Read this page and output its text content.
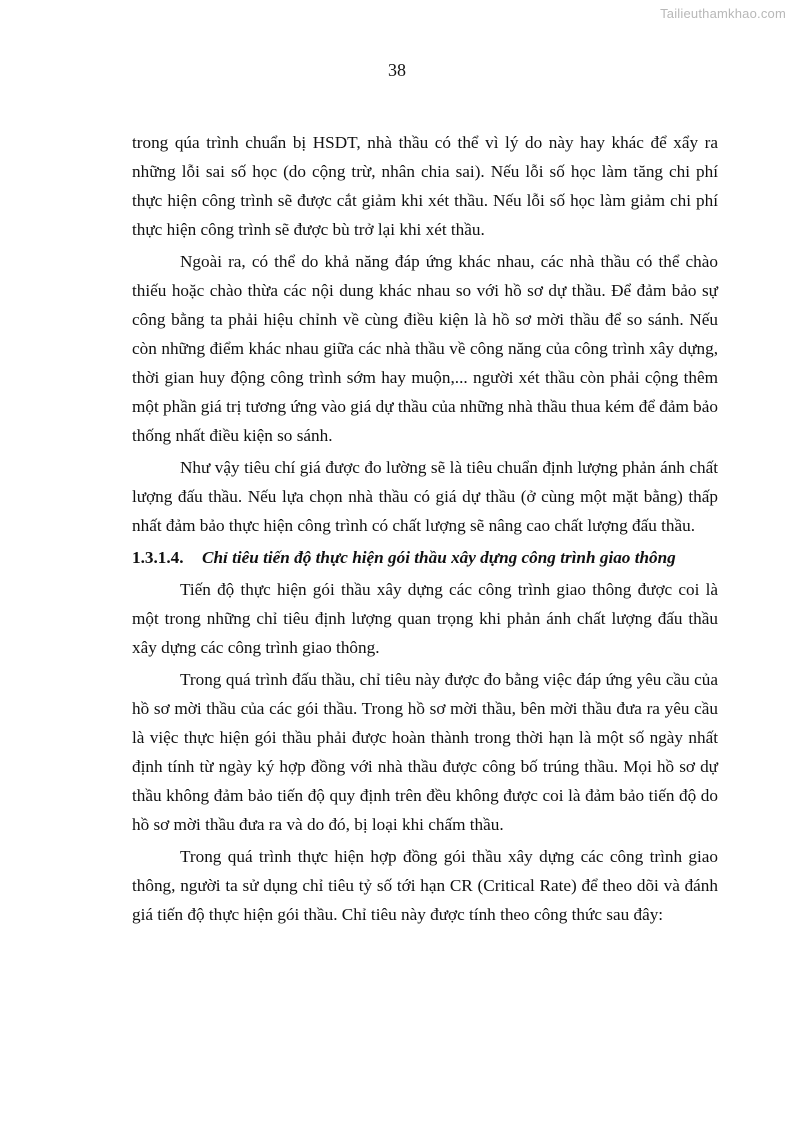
Tailieuthamkhao.com
38

trong qúa trình chuẩn bị HSDT, nhà thầu có thể vì lý do này hay khác để xẩy ra những lỗi sai số học (do cộng trừ, nhân chia sai). Nếu lỗi số học làm tăng chi phí thực hiện công trình sẽ được cắt giảm khi xét thầu. Nếu lỗi số học làm giảm chi phí thực hiện công trình sẽ được bù trở lại khi xét thầu.

Ngoài ra, có thể do khả năng đáp ứng khác nhau, các nhà thầu có thể chào thiếu hoặc chào thừa các nội dung khác nhau so với hồ sơ dự thầu. Để đảm bảo sự công bằng ta phải hiệu chỉnh về cùng điều kiện là hồ sơ mời thầu để so sánh. Nếu còn những điểm khác nhau giữa các nhà thầu về công năng của công trình xây dựng, thời gian huy động công trình sớm hay muộn,... người xét thầu còn phải cộng thêm một phần giá trị tương ứng vào giá dự thầu của những nhà thầu thua kém để đảm bảo thống nhất điều kiện so sánh.

Như vậy tiêu chí giá được đo lường sẽ là tiêu chuẩn định lượng phản ánh chất lượng đấu thầu. Nếu lựa chọn nhà thầu có giá dự thầu (ở cùng một mặt bằng) thấp nhất đảm bảo thực hiện công trình có chất lượng sẽ nâng cao chất lượng đấu thầu.

1.3.1.4. Chỉ tiêu tiến độ thực hiện gói thầu xây dựng công trình giao thông

Tiến độ thực hiện gói thầu xây dựng các công trình giao thông được coi là một trong những chỉ tiêu định lượng quan trọng khi phản ánh chất lượng đấu thầu xây dựng các công trình giao thông.

Trong quá trình đấu thầu, chỉ tiêu này được đo bằng việc đáp ứng yêu cầu của hồ sơ mời thầu của các gói thầu. Trong hồ sơ mời thầu, bên mời thầu đưa ra yêu cầu là việc thực hiện gói thầu phải được hoàn thành trong thời hạn là một số ngày nhất định tính từ ngày ký hợp đồng với nhà thầu được công bố trúng thầu. Mọi hồ sơ dự thầu không đảm bảo tiến độ quy định trên đều không được coi là đảm bảo tiến độ do hồ sơ mời thầu đưa ra và do đó, bị loại khi chấm thầu.

Trong quá trình thực hiện hợp đồng gói thầu xây dựng các công trình giao thông, người ta sử dụng chỉ tiêu tỷ số tới hạn CR (Critical Rate) để theo dõi và đánh giá tiến độ thực hiện gói thầu. Chỉ tiêu này được tính theo công thức sau đây:
